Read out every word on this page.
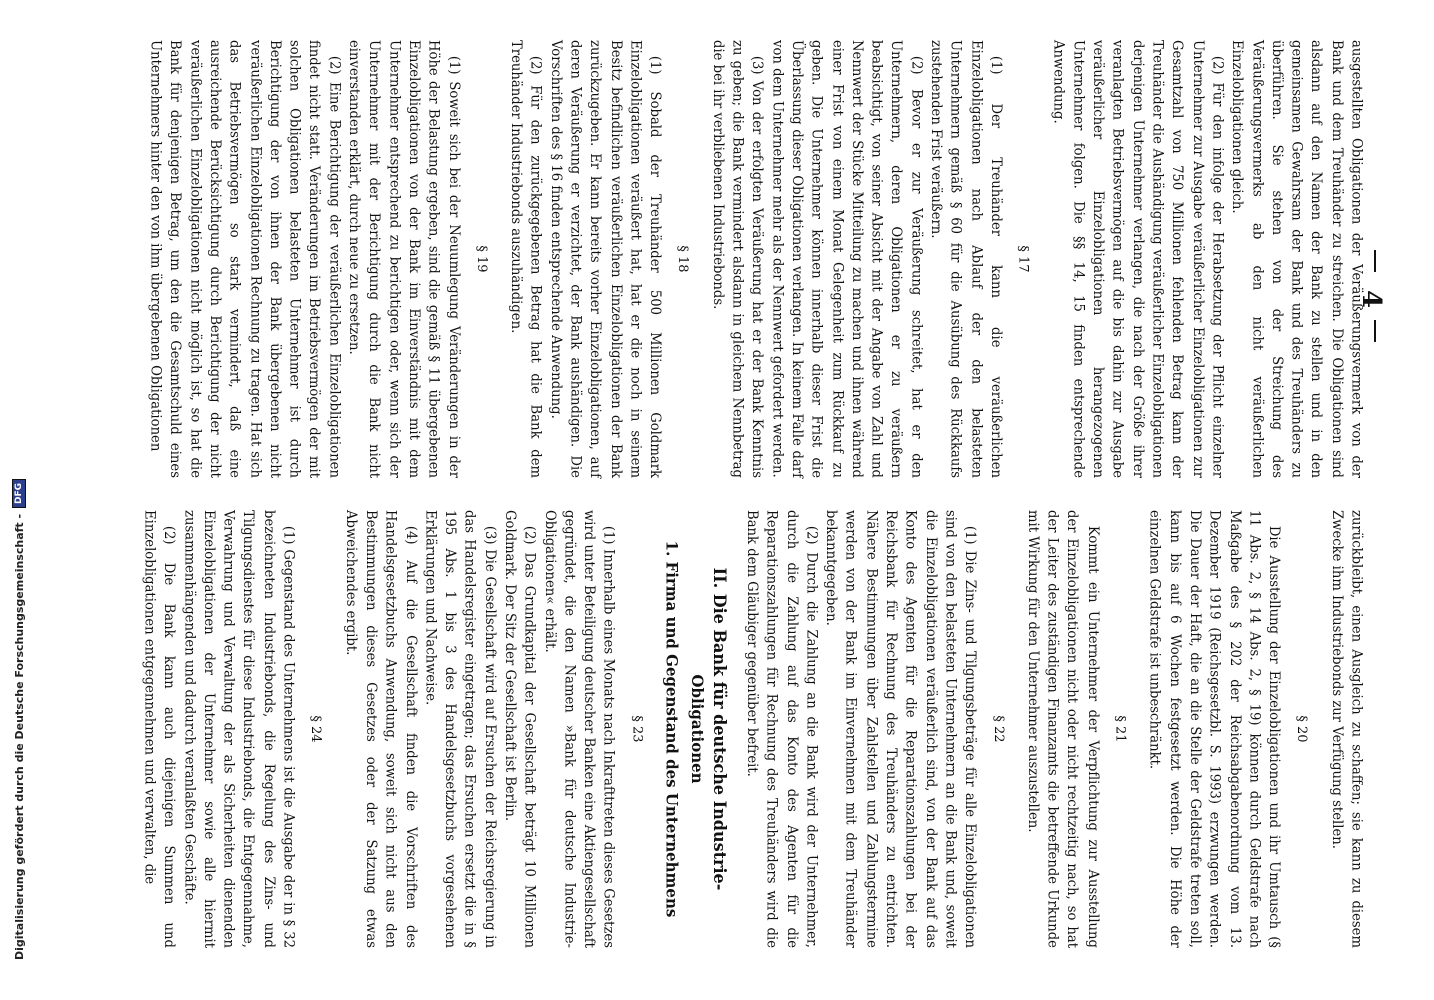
4

ausgestellten Obligationen der Veräußerungsvermerk von der Bank und dem Treuhänder zu streichen. Die Obligationen sind alsdann auf den Namen der Bank zu stellen und in den gemeinsamen Gewahrsam der Bank und des Treuhänders zu überführen. Sie stehen von der Streichung des Veräußerungsvermerks ab den nicht veräußerlichen Einzelobligationen gleich.

(2) Für den infolge der Herabsetzung der Pflicht einzelner Unternehmer zur Ausgabe veräußerlicher Einzelobligationen zur Gesamtzahl von 750 Millionen fehlenden Betrag kann der Treuhänder die Aushändigung veräußerlicher Einzelobligationen derjenigen Unternehmer verlangen, die nach der Größe ihrer veranlagten Betriebsvermögen auf die bis dahin zur Ausgabe veräußerlicher Einzelobligationen herangezogenen Unternehmer folgen. Die §§ 14, 15 finden entsprechende Anwendung.

§ 17

(1) Der Treuhänder kann die veräußerlichen Einzelobligationen nach Ablauf der den belasteten Unternehmern gemäß § 60 für die Ausübung des Rückkaufs zustehenden Frist veräußern.

(2) Bevor er zur Veräußerung schreitet, hat er den Unternehmern, deren Obligationen er zu veräußern beabsichtigt, von seiner Absicht mit der Angabe von Zahl und Nennwert der Stücke Mitteilung zu machen und ihnen während einer Frist von einem Monat Gelegenheit zum Rückkauf zu geben. Die Unternehmer können innerhalb dieser Frist die Überlassung dieser Obligationen verlangen. In keinem Falle darf von dem Unternehmer mehr als der Nennwert gefordert werden.

(3) Von der erfolgten Veräußerung hat er der Bank Kenntnis zu geben; die Bank vermindert alsdann in gleichem Nennbetrag die bei ihr verbliebenen Industriebonds.

§ 18

(1) Sobald der Treuhänder 500 Millionen Goldmark Einzelobligationen veräußert hat, hat er die noch in seinem Besitz befindlichen veräußerlichen Einzelobligationen der Bank zurückzugeben. Er kann bereits vorher Einzelobligationen, auf deren Veräußerung er verzichtet, der Bank aushändigen. Die Vorschriften des § 16 finden entsprechende Anwendung.

(2) Für den zurückgegebenen Betrag hat die Bank dem Treuhänder Industriebonds auszuhändigen.

§ 19

(1) Soweit sich bei der Neuumlegung Veränderungen in der Höhe der Belastung ergeben, sind die gemäß § 11 übergebenen Einzelobligationen von der Bank im Einverständnis mit dem Unternehmer entsprechend zu berichtigen oder, wenn sich der Unternehmer mit der Berichtigung durch die Bank nicht einverstanden erklärt, durch neue zu ersetzen.

(2) Eine Berichtigung der veräußerlichen Einzelobligationen findet nicht statt. Veränderungen im Betriebsvermögen der mit solchen Obligationen belasteten Unternehmer ist durch Berichtigung der von ihnen der Bank übergebenen nicht veräußerlichen Einzelobligationen Rechnung zu tragen. Hat sich das Betriebsvermögen so stark vermindert, daß eine ausreichende Berücksichtigung durch Berichtigung der nicht veräußerlichen Einzelobligationen nicht möglich ist, so hat die Bank für denjenigen Betrag, um den die Gesamtschuld eines Unternehmers hinter den von ihm übergebenen Obligationen

zurückbleibt, einen Ausgleich zu schaffen; sie kann zu diesem Zwecke ihm Industriebonds zur Verfügung stellen.

§ 20

Die Ausstellung der Einzelobligationen und ihr Umtausch (§ 11 Abs. 2, § 14 Abs. 2, § 19) können durch Geldstrafe nach Maßgabe des § 202 der Reichsabgabenordnung vom 13. Dezember 1919 (Reichsgesetzbl. S. 1993) erzwungen werden. Die Dauer der Haft, die an die Stelle der Geldstrafe treten soll, kann bis auf 6 Wochen festgesetzt werden. Die Höhe der einzelnen Geldstrafe ist unbeschränkt.

§ 21

Kommt ein Unternehmer der Verpflichtung zur Ausstellung der Einzelobligationen nicht oder nicht rechtzeitig nach, so hat der Leiter des zuständigen Finanzamts die betreffende Urkunde mit Wirkung für den Unternehmer auszustellen.

§ 22

(1) Die Zins- und Tilgungsbeträge für alle Einzelobligationen sind von den belasteten Unternehmern an die Bank und, soweit die Einzelobligationen veräußerlich sind, von der Bank auf das Konto des Agenten für die Reparationszahlungen bei der Reichsbank für Rechnung des Treuhänders zu entrichten. Nähere Bestimmungen über Zahlstellen und Zahlungstermine werden von der Bank im Einvernehmen mit dem Treuhänder bekanntgegeben.

(2) Durch die Zahlung an die Bank wird der Unternehmer, durch die Zahlung auf das Konto des Agenten für die Reparationszahlungen für Rechnung des Treuhänders wird die Bank dem Gläubiger gegenüber befreit.

II. Die Bank für deutsche Industrie-
Obligationen
1. Firma und Gegenstand des Unternehmens
§ 23

(1) Innerhalb eines Monats nach Inkrafttreten dieses Gesetzes wird unter Beteiligung deutscher Banken eine Aktiengesellschaft gegründet, die den Namen »Bank für deutsche Industrie-Obligationen« erhält.

(2) Das Grundkapital der Gesellschaft beträgt 10 Millionen Goldmark. Der Sitz der Gesellschaft ist Berlin.

(3) Die Gesellschaft wird auf Ersuchen der Reichsregierung in das Handelsregister eingetragen; das Ersuchen ersetzt die in § 195 Abs. 1 bis 3 des Handelsgesetzbuchs vorgesehenen Erklärungen und Nachweise.

(4) Auf die Gesellschaft finden die Vorschriften des Handelsgesetzbuchs Anwendung, soweit sich nicht aus den Bestimmungen dieses Gesetzes oder der Satzung etwas Abweichendes ergibt.

§ 24

(1) Gegenstand des Unternehmens ist die Ausgabe der in § 32 bezeichneten Industriebonds, die Regelung des Zins- und Tilgungsdienstes für diese Industriebonds, die Entgegennahme, Verwahrung und Verwaltung der als Sicherheiten dienenden Einzelobligationen der Unternehmer sowie alle hiermit zusammenhängenden und dadurch veranlaßten Geschäfte.

(2) Die Bank kann auch diejenigen Summen und Einzelobligationen entgegennehmen und verwalten, die

Digitalisierung gefördert durch die Deutsche Forschungsgemeinschaft -
DFG
